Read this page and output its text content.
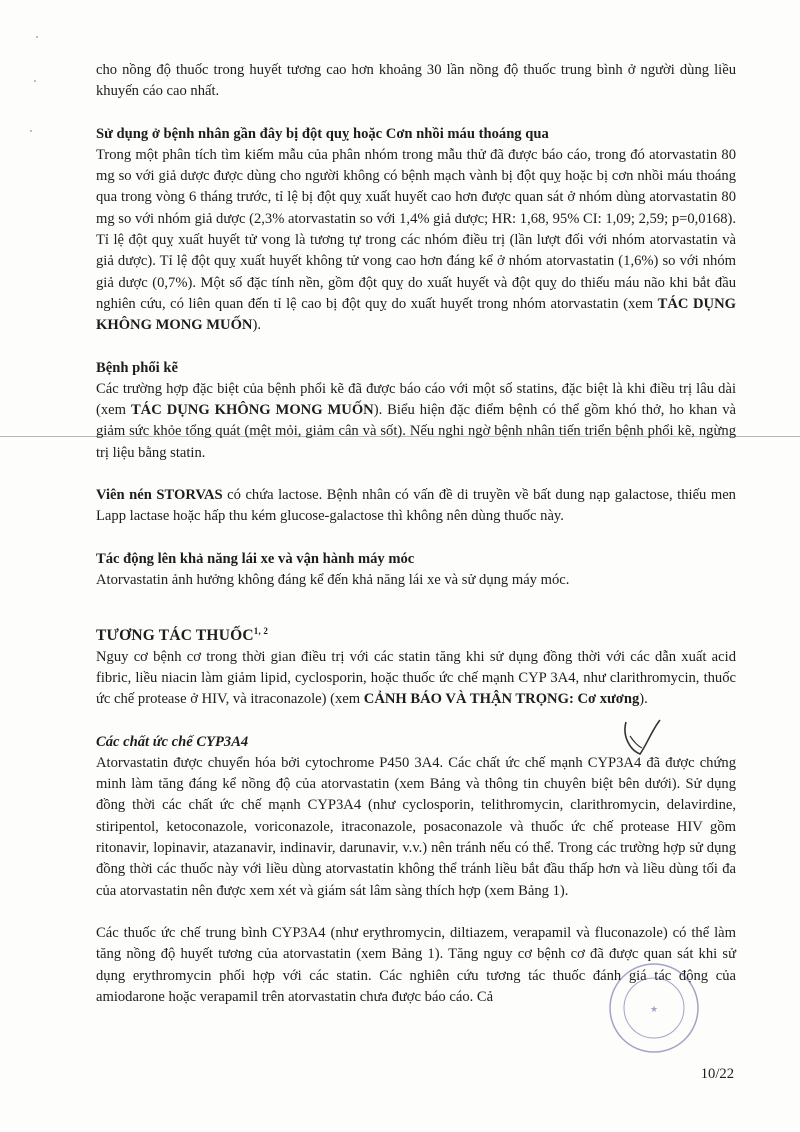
cho nồng độ thuốc trong huyết tương cao hơn khoảng 30 lần nồng độ thuốc trung bình ở người dùng liều khuyến cáo cao nhất.

Sử dụng ở bệnh nhân gần đây bị đột quỵ hoặc Cơn nhồi máu thoáng qua

Trong một phân tích tìm kiếm mẫu của phân nhóm trong mẫu thử đã được báo cáo, trong đó atorvastatin 80 mg so với giả dược được dùng cho người không có bệnh mạch vành bị đột quỵ hoặc bị cơn nhồi máu thoáng qua trong vòng 6 tháng trước, tỉ lệ bị đột quỵ xuất huyết cao hơn được quan sát ở nhóm dùng atorvastatin 80 mg so với nhóm giả dược (2,3% atorvastatin so với 1,4% giả dược; HR: 1,68, 95% CI: 1,09; 2,59; p=0,0168). Tỉ lệ đột quỵ xuất huyết tử vong là tương tự trong các nhóm điều trị (lần lượt đối với nhóm atorvastatin và giả dược). Tỉ lệ đột quỵ xuất huyết không tử vong cao hơn đáng kể ở nhóm atorvastatin (1,6%) so với nhóm giả dược (0,7%). Một số đặc tính nền, gồm đột quỵ do xuất huyết và đột quỵ do thiếu máu não khi bắt đầu nghiên cứu, có liên quan đến tỉ lệ cao bị đột quỵ do xuất huyết trong nhóm atorvastatin (xem TÁC DỤNG KHÔNG MONG MUỐN).

Bệnh phổi kẽ

Các trường hợp đặc biệt của bệnh phổi kẽ đã được báo cáo với một số statins, đặc biệt là khi điều trị lâu dài (xem TÁC DỤNG KHÔNG MONG MUỐN). Biểu hiện đặc điểm bệnh có thể gồm khó thở, ho khan và giảm sức khỏe tổng quát (mệt mỏi, giảm cân và sốt). Nếu nghi ngờ bệnh nhân tiến triển bệnh phổi kẽ, ngừng trị liệu bằng statin.

Viên nén STORVAS có chứa lactose. Bệnh nhân có vấn đề di truyền về bất dung nạp galactose, thiếu men Lapp lactase hoặc hấp thu kém glucose-galactose thì không nên dùng thuốc này.

Tác động lên khả năng lái xe và vận hành máy móc

Atorvastatin ảnh hưởng không đáng kể đến khả năng lái xe và sử dụng máy móc.

TƯƠNG TÁC THUỐC$^{1, 2}$

Nguy cơ bệnh cơ trong thời gian điều trị với các statin tăng khi sử dụng đồng thời với các dẫn xuất acid fibric, liều niacin làm giảm lipid, cyclosporin, hoặc thuốc ức chế mạnh CYP 3A4, như clarithromycin, thuốc ức chế protease ở HIV, và itraconazole) (xem CẢNH BÁO VÀ THẬN TRỌNG: Cơ xương).

Các chất ức chế CYP3A4

Atorvastatin được chuyển hóa bởi cytochrome P450 3A4. Các chất ức chế mạnh CYP3A4 đã được chứng minh làm tăng đáng kể nồng độ của atorvastatin (xem Bảng và thông tin chuyên biệt bên dưới). Sử dụng đồng thời các chất ức chế mạnh CYP3A4 (như cyclosporin, telithromycin, clarithromycin, delavirdine, stiripentol, ketoconazole, voriconazole, itraconazole, posaconazole và thuốc ức chế protease HIV gồm ritonavir, lopinavir, atazanavir, indinavir, darunavir, v.v.) nên tránh nếu có thể. Trong các trường hợp sử dụng đồng thời các thuốc này với liều dùng atorvastatin không thể tránh liều bắt đầu thấp hơn và liều dùng tối đa của atorvastatin nên được xem xét và giám sát lâm sàng thích hợp (xem Bảng 1).

Các thuốc ức chế trung bình CYP3A4 (như erythromycin, diltiazem, verapamil và fluconazole) có thể làm tăng nồng độ huyết tương của atorvastatin (xem Bảng 1). Tăng nguy cơ bệnh cơ đã được quan sát khi sử dụng erythromycin phối hợp với các statin. Các nghiên cứu tương tác thuốc đánh giá tác động của amiodarone hoặc verapamil trên atorvastatin chưa được báo cáo. Cả

★
10/22
